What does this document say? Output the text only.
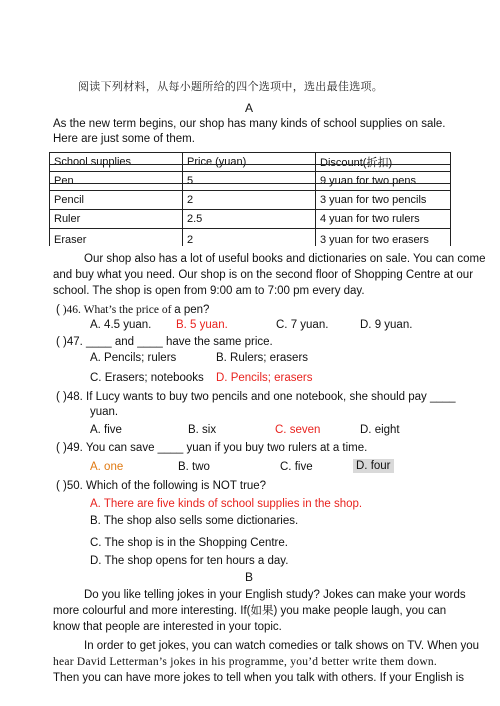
阅读下列材料，从每小题所给的四个选项中，选出最佳选项。
A
As the new term begins, our shop has many kinds of school supplies on sale.
Here are just some of them.
School supplies	Price (yuan)	Discount(折扣)
Pen	5	9 yuan for two pens
Pencil	2	3 yuan for two pencils
Ruler	2.5	4 yuan for two rulers
Eraser	2	3 yuan for two erasers
Our shop also has a lot of useful books and dictionaries on sale. You can come
and buy what you need. Our shop is on the second floor of Shopping Centre at our
school. The shop is open from 9:00 am to 7:00 pm every day.
( )46. What’s the price of a pen?
A. 4.5 yuan. B. 5 yuan.	C. 7 yuan.	D. 9 yuan.
( )47. ____ and ____ have the same price.
A. Pencils; rulers	B. Rulers; erasers
C. Erasers; notebooks D. Pencils; erasers
( )48. If Lucy wants to buy two pencils and one notebook, she should pay ____
yuan.
A. five	B. six	C. seven	D. eight
( )49. You can save ____ yuan if you buy two rulers at a time.
A. one	B. two	C. five	D. four
( )50. Which of the following is NOT true?
A. There are five kinds of school supplies in the shop.
B. The shop also sells some dictionaries.
C. The shop is in the Shopping Centre.
D. The shop opens for ten hours a day.
B
Do you like telling jokes in your English study? Jokes can make your words
more colourful and more interesting. If(如果) you make people laugh, you can
know that people are interested in your topic.
In order to get jokes, you can watch comedies or talk shows on TV. When you
hear David Letterman’s jokes in his programme, you’d better write them down.
Then you can have more jokes to tell when you talk with others. If your English is
